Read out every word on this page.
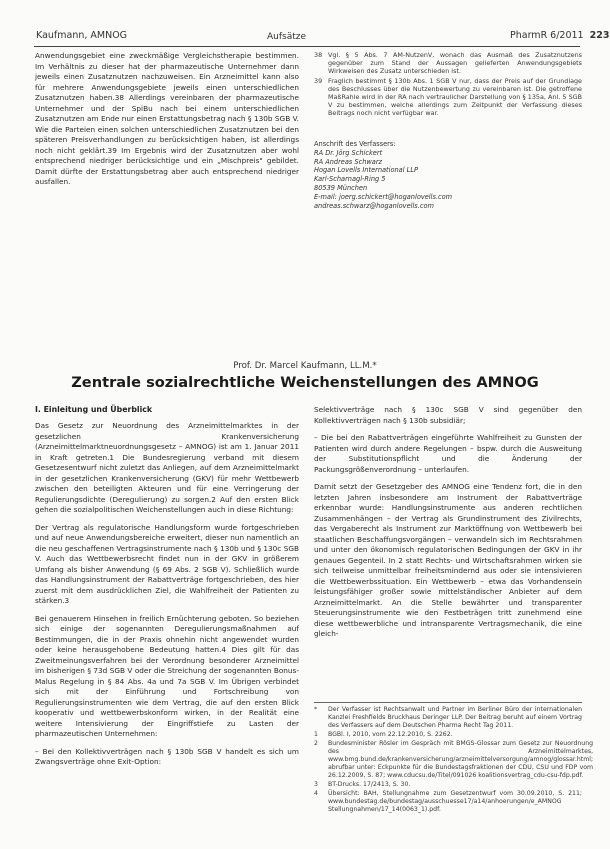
Kaufmann, AMNOG	Aufsätze	PharmR 6/2011 223

Anwendungsgebiet eine zweckmäßige Vergleichstherapie bestimmen. Im Verhältnis zu dieser hat der pharmazeutische Unternehmer dann jeweils einen Zusatznutzen nachzuweisen. Ein Arzneimittel kann also für mehrere Anwendungsgebiete jeweils einen unterschiedlichen Zusatznutzen haben.38 Allerdings vereinbaren der pharmazeutische Unternehmer und der SpiBu nach bei einem unterschiedlichen Zusatznutzen am Ende nur einen Erstattungsbetrag nach § 130b SGB V. Wie die Parteien einen solchen unterschiedlichen Zusatznutzen bei den späteren Preisverhandlungen zu berücksichtigen haben, ist allerdings noch nicht geklärt.39 Im Ergebnis wird der Zusatznutzen aber wohl entsprechend niedriger berücksichtige und ein „Mischpreis" gebildet. Damit dürfte der Erstattungsbetrag aber auch entsprechend niedriger ausfallen.

38 Vgl. § 5 Abs. 7 AM-NutzenV, wonach das Ausmaß des Zusatznutzens gegenüber zum Stand der Aussagen gelieferten Anwendungsgebiets Wirkweisen des Zusatz unterschieden ist.
39 Fraglich bestimmt § 130b Abs. 1 SGB V nur, dass der Preis auf der Grundlage des Beschlusses über die Nutzenbewertung zu vereinbaren ist. Die getroffene MaßRahle wird in der RA nach vertraulicher Darstellung von § 135a, Anl. 5 SGB V zu bestimmen, welche allerdings zum Zeitpunkt der Verfassung dieses Beitrags noch nicht verfügbar war.
Anschrift des Verfassers:
RA Dr. Jörg Schickert
RA Andreas Schwarz
Hogan Lovells International LLP
Karl-Scharnagl-Ring 5
80539 München
E-mail: joerg.schickert@hoganlovells.com
andreas.schwarz@hoganlovells.com
Prof. Dr. Marcel Kaufmann, LL.M.*
Zentrale sozialrechtliche Weichenstellungen des AMNOG
I. Einleitung und Überblick

Das Gesetz zur Neuordnung des Arzneimittelmarktes in der gesetzlichen Krankenversicherung (Arzneimittelmarktneuordnungsgesetz – AMNOG) ist am 1. Januar 2011 in Kraft getreten.1 Die Bundesregierung verband mit diesem Gesetzesentwurf nicht zuletzt das Anliegen, auf dem Arzneimittelmarkt in der gesetzlichen Krankenversicherung (GKV) für mehr Wettbewerb zwischen den beteiligten Akteuren und für eine Verringerung der Regulierungsdichte (Deregulierung) zu sorgen.2 Auf den ersten Blick gehen die sozialpolitischen Weichenstellungen auch in diese Richtung:

Der Vertrag als regulatorische Handlungsform wurde fortgeschrieben und auf neue Anwendungsbereiche erweitert, dieser nun namentlich an die neu geschaffenen Vertragsinstrumente nach § 130b und § 130c SGB V. Auch das Wettbewerbsrecht findet nun in der GKV in größerem Umfang als bisher Anwendung (§ 69 Abs. 2 SGB V). Schließlich wurde das Handlungsinstrument der Rabattverträge fortgeschrieben, des hier zuerst mit dem ausdrücklichen Ziel, die Wahlfreiheit der Patienten zu stärken.3

Bei genauerem Hinsehen in freilich Ernüchterung geboten. So beziehen sich einige der sogenannten Deregulierungsmaßnahmen auf Bestimmungen, die in der Praxis ohnehin nicht angewendet wurden oder keine herausgehobene Bedeutung hatten.4 Dies gilt für das Zweitmeinungsverfahren bei der Verordnung besonderer Arzneimittel im bisherigen § 73d SGB V oder die Streichung der sogenannten Bonus-Malus Regelung in § 84 Abs. 4a und 7a SGB V. Im Übrigen verbindet sich mit der Einführung und Fortschreibung von Regulierungsinstrumenten wie dem Vertrag, die auf den ersten Blick kooperativ und wettbewerbskonform wirken, in der Realität eine weitere Intensivierung der Eingriffstiefe zu Lasten der pharmazeutischen Unternehmen:

– Bei den Kollektivverträgen nach § 130b SGB V handelt es sich um Zwangsverträge ohne Exit-Option:

Selektivverträge nach § 130c SGB V sind gegenüber den Kollektivverträgen nach § 130b subsidiär;

– Die bei den Rabattverträgen eingeführte Wahlfreiheit zu Gunsten der Patienten wird durch andere Regelungen – bspw. durch die Ausweitung der Substitutionspflicht und die Änderung der Packungsgrößenverordnung – unterlaufen.

Damit setzt der Gesetzgeber des AMNOG eine Tendenz fort, die in den letzten Jahren insbesondere am Instrument der Rabattverträge erkennbar wurde: Handlungsinstrumente aus anderen rechtlichen Zusammenhängen – der Vertrag als Grundinstrument des Zivilrechts, das Vergaberecht als Instrument zur Marktöffnung von Wettbewerb bei staatlichen Beschaffungsvorgängen – verwandeln sich im Rechtsrahmen und unter den ökonomisch regulatorischen Bedingungen der GKV in ihr genaues Gegenteil. In 2 statt Rechts- und Wirtschaftsrahmen wirken sie sich teilweise unmittelbar freiheitsmindernd aus oder sie intensivieren die Wettbewerbssituation. Ein Wettbewerb – etwa das Vorhandensein leistungsfähiger großer sowie mittelständischer Anbieter auf dem Arzneimittelmarkt. An die Stelle bewährter und transparenter Steuerungsinstrumente wie den Festbeträgen tritt zunehmend eine diese wettbewerbliche und intransparente Vertragsmechanik, die eine gleich-

*	Der Verfasser ist Rechtsanwalt und Partner im Berliner Büro der internationalen Kanzlei Freshfields Bruckhaus Deringer LLP. Der Beitrag beruht auf einem Vortrag des Verfassers auf dem Deutschen Pharma Recht Tag 2011.
1	BGBl. I, 2010, vom 22.12.2010, S. 2262.
2	Bundesminister Rösler im Gespräch mit BMGS-Glossar zum Gesetz zur Neuordnung des Arzneimittelmarktes, www.bmg.bund.de/krankenversicherung/arzneimittelversorgung/amnog/glossar.html; abrufbar unter: Eckpunkte für die Bundestagsfraktionen der CDU, CSU und FDP vom 26.12.2009, S. 87; www.cducsu.de/Titel/091026 koalitionsvertrag_cdu-csu-fdp.pdf.
3	BT-Drucks. 17/2413, S. 30.
4	Übersicht: BAH, Stellungnahme zum Gesetzentwurf vom 30.09.2010, S. 211; www.bundestag.de/bundestag/ausschuesse17/a14/anhoerungen/e_AMNOG Stellungnahmen/17_14(0063_1).pdf.
